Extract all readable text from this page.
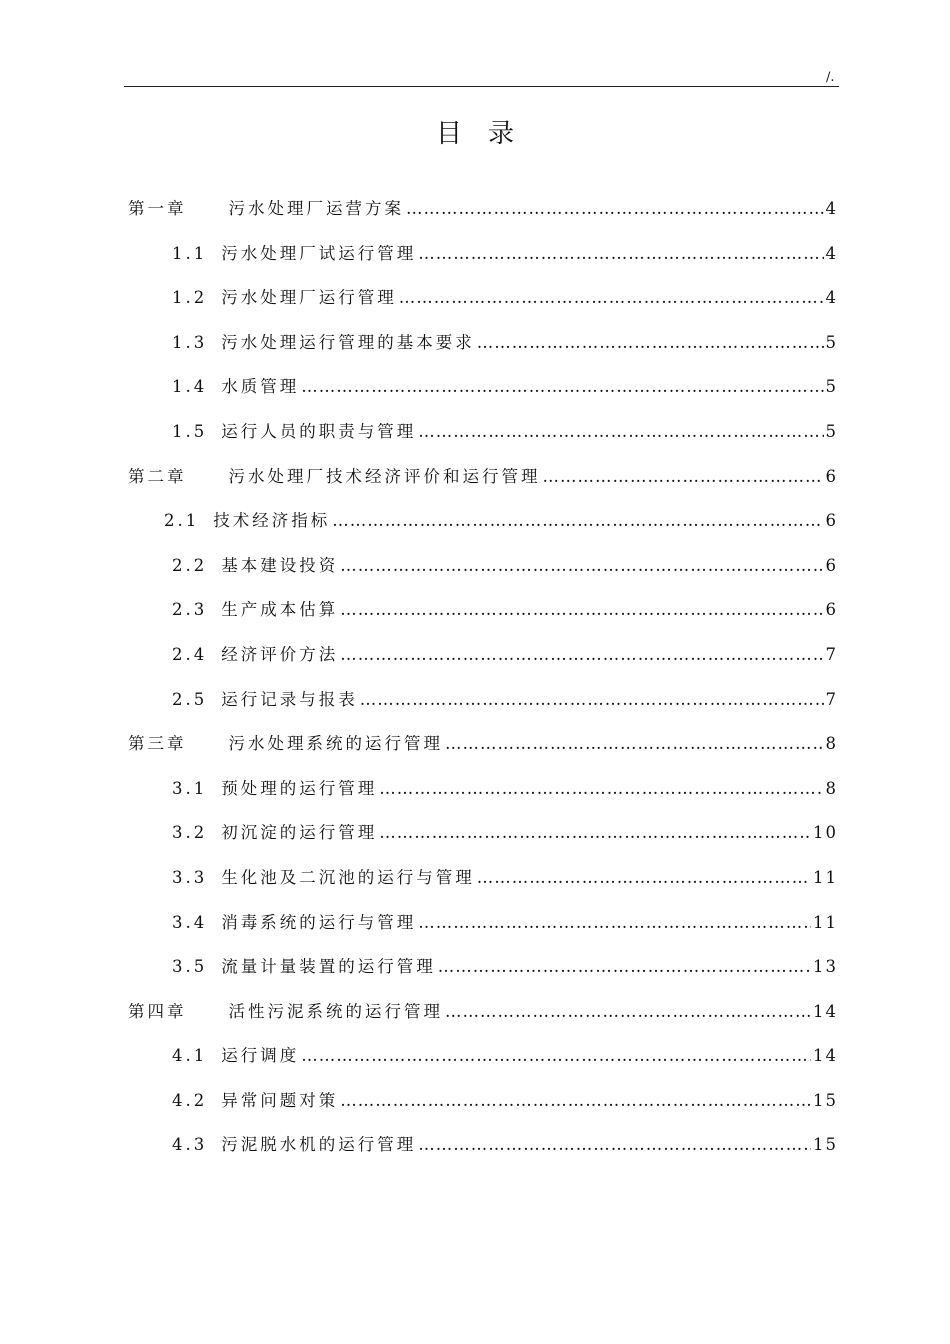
/.
目录
第一章	污水处理厂运营方案 …………………………………………………………………………………………………………………………	4
1.1 污水处理厂试运行管理 …………………………………………………………………………………………………………………………	4
1.2 污水处理厂运行管理 …………………………………………………………………………………………………………………………	4
1.3 污水处理运行管理的基本要求 …………………………………………………………………………………………………………………………	5
1.4 水质管理 …………………………………………………………………………………………………………………………	5
1.5 运行人员的职责与管理 …………………………………………………………………………………………………………………………	5
第二章	污水处理厂技术经济评价和运行管理 …………………………………………………………………………………………………………………………	6
2.1 技术经济指标 …………………………………………………………………………………………………………………………	6
2.2 基本建设投资 …………………………………………………………………………………………………………………………	6
2.3 生产成本估算 …………………………………………………………………………………………………………………………	6
2.4 经济评价方法 …………………………………………………………………………………………………………………………	7
2.5 运行记录与报表 …………………………………………………………………………………………………………………………	7
第三章	污水处理系统的运行管理 …………………………………………………………………………………………………………………………	8
3.1 预处理的运行管理 …………………………………………………………………………………………………………………………	8
3.2 初沉淀的运行管理 …………………………………………………………………………………………………………………………	10
3.3 生化池及二沉池的运行与管理 …………………………………………………………………………………………………………………………	11
3.4 消毒系统的运行与管理 …………………………………………………………………………………………………………………………	11
3.5 流量计量装置的运行管理 …………………………………………………………………………………………………………………………	13
第四章	活性污泥系统的运行管理 …………………………………………………………………………………………………………………………	14
4.1 运行调度 …………………………………………………………………………………………………………………………	14
4.2 异常问题对策 …………………………………………………………………………………………………………………………	15
4.3 污泥脱水机的运行管理 …………………………………………………………………………………………………………………………	15
